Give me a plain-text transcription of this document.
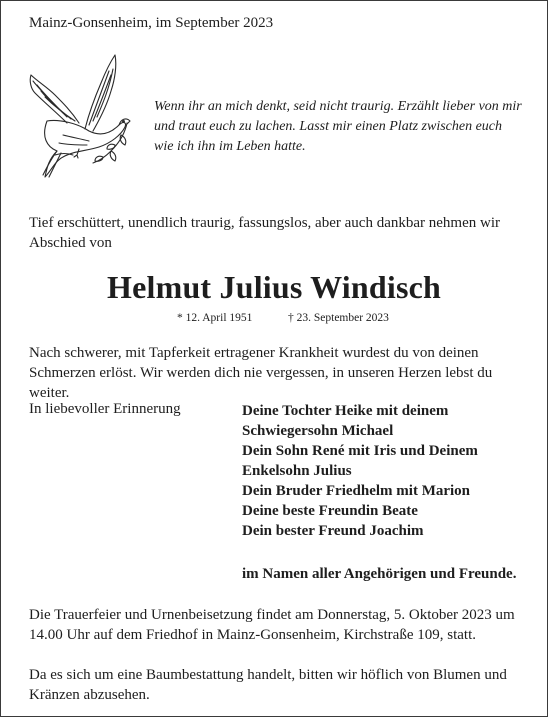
Mainz-Gonsenheim, im September 2023
Wenn ihr an mich denkt, seid nicht traurig. Erzählt lieber von mir und traut euch zu lachen. Lasst mir einen Platz zwischen euch wie ich ihn im Leben hatte.
Tief erschüttert, unendlich traurig, fassungslos, aber auch dankbar nehmen wir Abschied von
Helmut Julius Windisch
* 12. April 1951	† 23. September 2023
Nach schwerer, mit Tapferkeit ertragener Krankheit wurdest du von deinen Schmerzen erlöst. Wir werden dich nie vergessen, in unseren Herzen lebst du weiter.
In liebevoller Erinnerung	Deine Tochter Heike mit deinem
Schwiegersohn Michael
Dein Sohn René mit Iris und Deinem
Enkelsohn Julius
Dein Bruder Friedhelm mit Marion
Deine beste Freundin Beate
Dein bester Freund Joachim
im Namen aller Angehörigen und Freunde.
Die Trauerfeier und Urnenbeisetzung findet am Donnerstag, 5. Oktober 2023 um 14.00 Uhr auf dem Friedhof in Mainz-Gonsenheim, Kirchstraße 109, statt.
Da es sich um eine Baumbestattung handelt, bitten wir höflich von Blumen und Kränzen abzusehen.
